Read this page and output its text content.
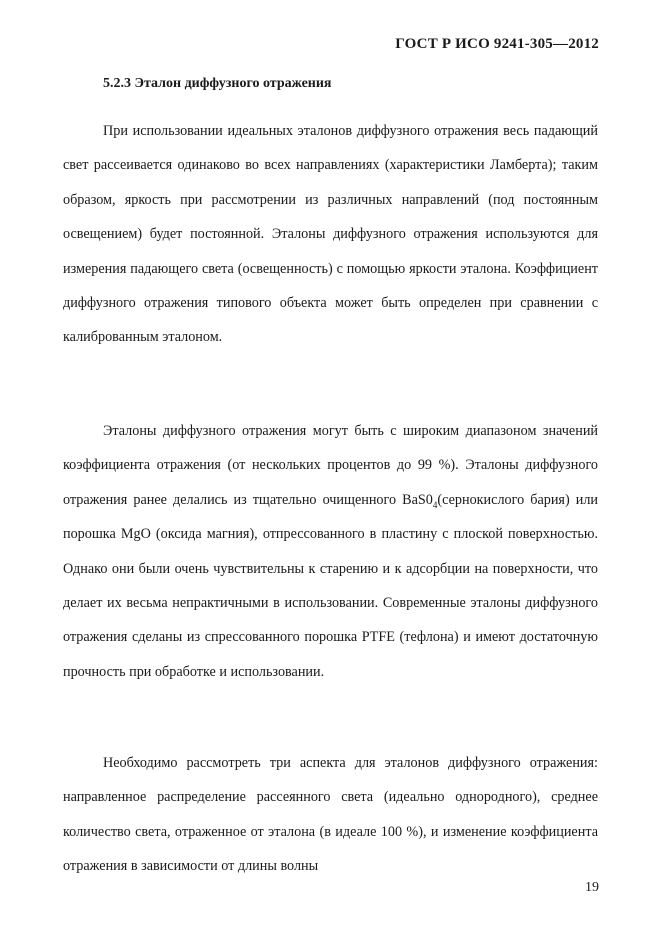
ГОСТ Р ИСО 9241-305—2012
5.2.3 Эталон диффузного отражения

При использовании идеальных эталонов диффузного отражения весь падающий свет рассеивается одинаково во всех направлениях (характеристики Ламберта); таким образом, яркость при рассмотрении из различных направлений (под постоянным освещением) будет постоянной. Эталоны диффузного отражения используются для измерения падающего света (освещенность) с помощью яркости эталона. Коэффициент диффузного отражения типового объекта может быть определен при сравнении с калиброванным эталоном.

Эталоны диффузного отражения могут быть с широким диапазоном значений коэффициента отражения (от нескольких процентов до 99 %). Эталоны диффузного отражения ранее делались из тщательно очищенного $BaS0_4(сернокислого$ бария) или порошка MgO (оксида магния), отпрессованного в пластину с плоской поверхностью. Однако они были очень чувствительны к старению и к адсорбции на поверхности, что делает их весьма непрактичными в использовании. Современные эталоны диффузного отражения сделаны из спрессованного порошка PTFE (тефлона) и имеют достаточную прочность при обработке и использовании.

Необходимо рассмотреть три аспекта для эталонов диффузного отражения: направленное распределение рассеянного света (идеально однородного), среднее количество света, отраженное от эталона (в идеале 100 %), и изменение коэффициента отражения в зависимости от длины волны

19
